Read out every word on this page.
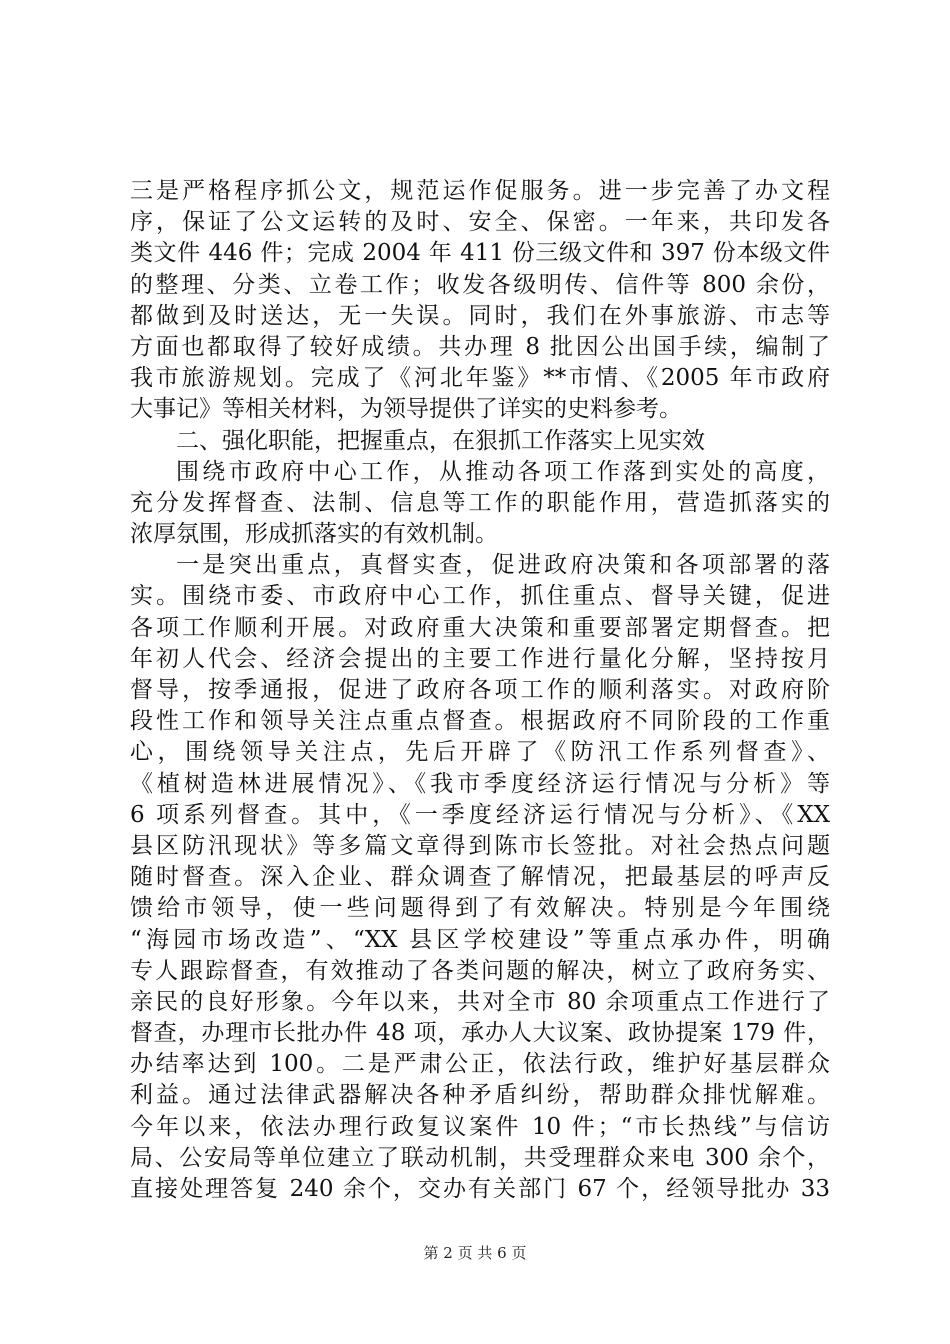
三是严格程序抓公文，规范运作促服务。进一步完善了办文程
序，保证了公文运转的及时、安全、保密。一年来，共印发各
类文件 446 件；完成 2004 年 411 份三级文件和 397 份本级文件
的整理、分类、立卷工作；收发各级明传、信件等 800 余份，
都做到及时送达，无一失误。同时，我们在外事旅游、市志等
方面也都取得了较好成绩。共办理 8 批因公出国手续，编制了
我市旅游规划。完成了《河北年鉴》**市情、《2005 年市政府
大事记》等相关材料，为领导提供了详实的史料参考。
二、强化职能，把握重点，在狠抓工作落实上见实效
围绕市政府中心工作，从推动各项工作落到实处的高度，
充分发挥督查、法制、信息等工作的职能作用，营造抓落实的
浓厚氛围，形成抓落实的有效机制。
一是突出重点，真督实查，促进政府决策和各项部署的落
实。围绕市委、市政府中心工作，抓住重点、督导关键，促进
各项工作顺利开展。对政府重大决策和重要部署定期督查。把
年初人代会、经济会提出的主要工作进行量化分解，坚持按月
督导，按季通报，促进了政府各项工作的顺利落实。对政府阶
段性工作和领导关注点重点督查。根据政府不同阶段的工作重
心，围绕领导关注点，先后开辟了《防汛工作系列督查》、
《植树造林进展情况》、《我市季度经济运行情况与分析》等
6 项系列督查。其中，《一季度经济运行情况与分析》、《XX
县区防汛现状》等多篇文章得到陈市长签批。对社会热点问题
随时督查。深入企业、群众调查了解情况，把最基层的呼声反
馈给市领导，使一些问题得到了有效解决。特别是今年围绕
“海园市场改造”、“XX 县区学校建设”等重点承办件，明确
专人跟踪督查，有效推动了各类问题的解决，树立了政府务实、
亲民的良好形象。今年以来，共对全市 80 余项重点工作进行了
督查，办理市长批办件 48 项，承办人大议案、政协提案 179 件，
办结率达到 100。二是严肃公正，依法行政，维护好基层群众
利益。通过法律武器解决各种矛盾纠纷，帮助群众排忧解难。
今年以来，依法办理行政复议案件 10 件；“市长热线”与信访
局、公安局等单位建立了联动机制，共受理群众来电 300 余个，
直接处理答复 240 余个，交办有关部门 67 个，经领导批办 33
第 2 页 共 6 页
